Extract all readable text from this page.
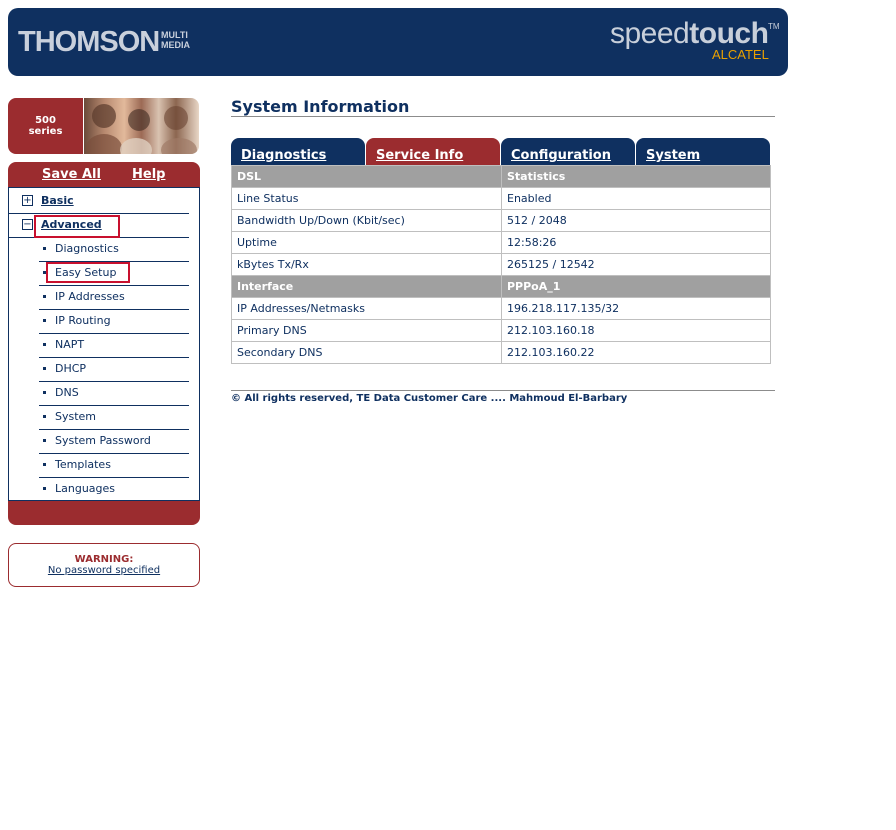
THOMSON MULTI MEDIA	speedtouch TM
ALCATEL
500
series
Save All Help
+ Basic
− Advanced
Diagnostics
Easy Setup
IP Addresses
IP Routing
NAPT
DHCP
DNS
System
System Password
Templates
Languages
WARNING:
No password specified
System Information
Diagnostics	Service Info	Configuration	System
DSL	Statistics
Line Status	Enabled
Bandwidth Up/Down (Kbit/sec)	512 / 2048
Uptime	12:58:26
kBytes Tx/Rx	265125 / 12542
Interface	PPPoA_1
IP Addresses/Netmasks	196.218.117.135/32
Primary DNS	212.103.160.18
Secondary DNS	212.103.160.22
© All rights reserved, TE Data Customer Care .... Mahmoud El-Barbary
